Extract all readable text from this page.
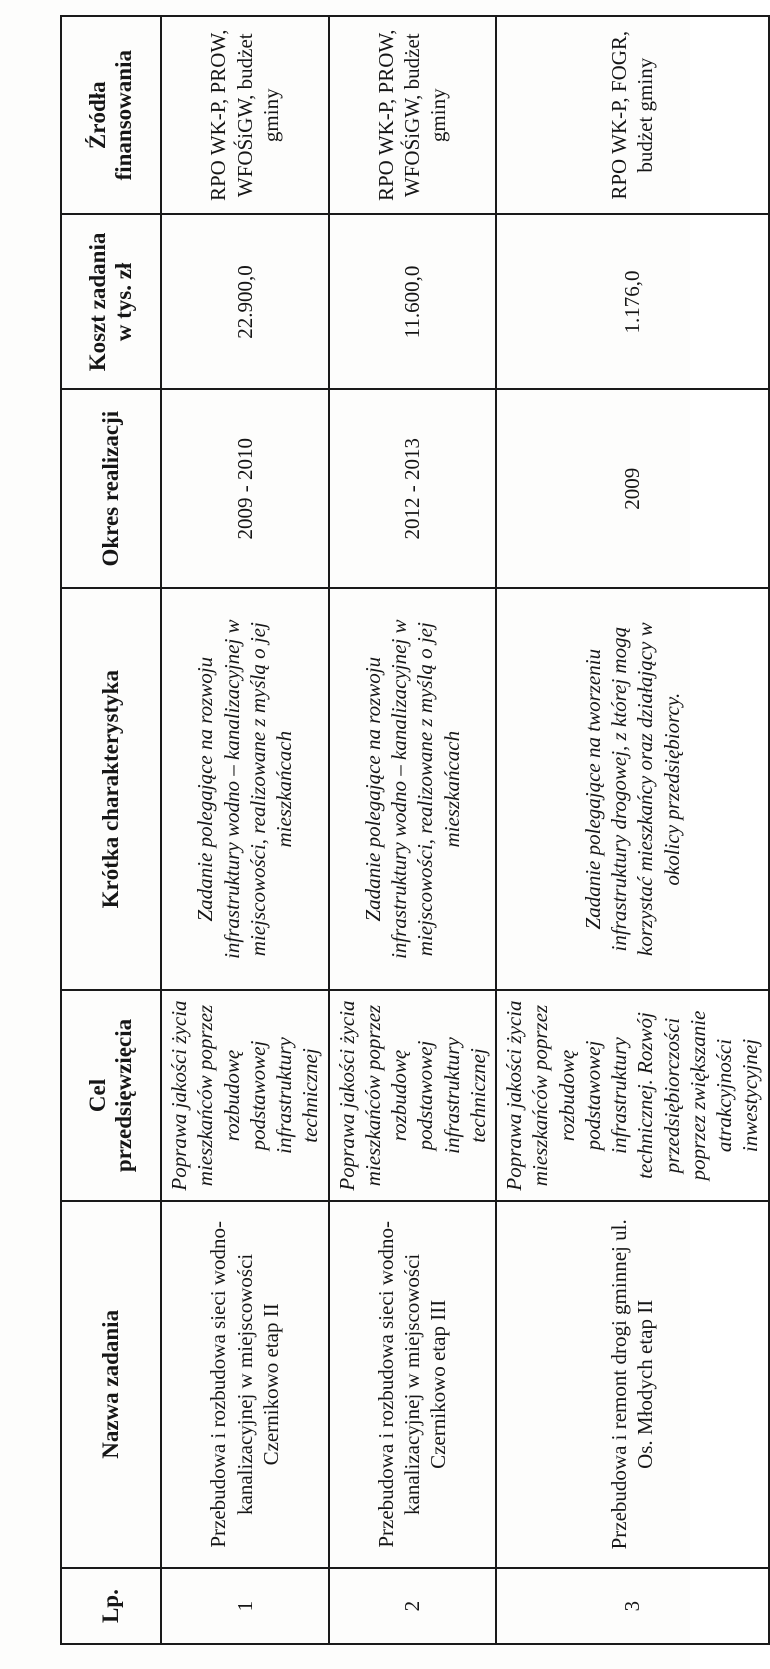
Lp.	Nazwa zadania	Cel przedsięwzięcia	Krótka charakterystyka	Okres realizacji	Koszt zadania w tys. zł	Źródła finansowania
1	Przebudowa i rozbudowa sieci wodno-kanalizacyjnej w miejscowości Czernikowo etap II	Poprawa jakości życia mieszkańców poprzez rozbudowę podstawowej infrastruktury technicznej	Zadanie polegające na rozwoju infrastruktury wodno – kanalizacyjnej w miejscowości, realizowane z myślą o jej mieszkańcach	2009 - 2010	22.900,0	RPO WK-P, PROW, WFOŚiGW, budżet gminy
2	Przebudowa i rozbudowa sieci wodno-kanalizacyjnej w miejscowości Czernikowo etap III	Poprawa jakości życia mieszkańców poprzez rozbudowę podstawowej infrastruktury technicznej	Zadanie polegające na rozwoju infrastruktury wodno – kanalizacyjnej w miejscowości, realizowane z myślą o jej mieszkańcach	2012 - 2013	11.600,0	RPO WK-P, PROW, WFOŚiGW, budżet gminy
3	Przebudowa i remont drogi gminnej ul. Os. Młodych etap II	Poprawa jakości życia mieszkańców poprzez rozbudowę podstawowej infrastruktury technicznej. Rozwój przedsiębiorczości poprzez zwiększanie atrakcyjności inwestycyjnej	Zadanie polegające na tworzeniu infrastruktury drogowej, z której mogą korzystać mieszkańcy oraz działający w okolicy przedsiębiorcy.	2009	1.176,0	RPO WK-P, FOGR, budżet gminy
